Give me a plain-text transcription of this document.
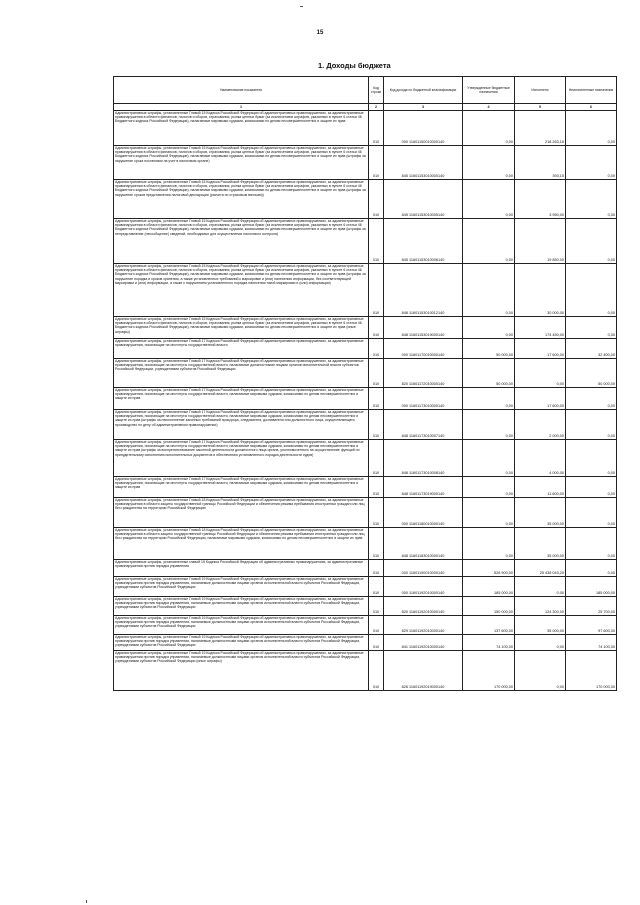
15
1. Доходы бюджета
Наименование показателя	Код строки	Код дохода по бюджетной классификации	Утвержденные бюджетные назначения	Исполнено	Неисполненные назначения
1	2	3	4	5	6
Административные штрафы, установленные Главой 15 Кодекса Российской Федерации об административных правонарушениях, за административные правонарушения в области финансов, налогов и сборов, страхования, рынка ценных бумаг (за исключением штрафов, указанных в пункте 6 статьи 46 Бюджетного кодекса Российской Федерации), налагаемые мировыми судьями, комиссиями по делам несовершеннолетних и защите их прав	010	000 11601150010000140	0,00	218 263,16	0,00
Административные штрафы, установленные Главой 15 Кодекса Российской Федерации об административных правонарушениях, за административные правонарушения в области финансов, налогов и сборов, страхования, рынка ценных бумаг (за исключением штрафов, указанных в пункте 6 статьи 46 Бюджетного кодекса Российской Федерации), налагаемые мировыми судьями, комиссиями по делам несовершеннолетних и защите их прав (штрафы за нарушение срока постановки на учет в налоговом органе)	010	845 11601153010000140	0,00	393,15	0,00
Административные штрафы, установленные Главой 15 Кодекса Российской Федерации об административных правонарушениях, за административные правонарушения в области финансов, налогов и сборов, страхования, рынка ценных бумаг (за исключением штрафов, указанных в пункте 6 статьи 46 Бюджетного кодекса Российской Федерации), налагаемые мировыми судьями, комиссиями по делам несовершеннолетних и защите их прав (штрафы за нарушение сроков представления налоговой декларации (расчета по страховым взносам))	010	845 11601153010005140	0,00	3 950,00	0,00
Административные штрафы, установленные Главой 15 Кодекса Российской Федерации об административных правонарушениях, за административные правонарушения в области финансов, налогов и сборов, страхования, рынка ценных бумаг (за исключением штрафов, указанных в пункте 6 статьи 46 Бюджетного кодекса Российской Федерации), налагаемые мировыми судьями, комиссиями по делам несовершеннолетних и защите их прав (штрафы за непредставление (несообщение) сведений, необходимых для осуществления налогового контроля)	010	845 11601153010006140	0,00	19 850,00	0,00
Административные штрафы, установленные Главой 15 Кодекса Российской Федерации об административных правонарушениях, за административные правонарушения в области финансов, налогов и сборов, страхования, рынка ценных бумаг (за исключением штрафов, указанных в пункте 6 статьи 46 Бюджетного кодекса Российской Федерации), налагаемые мировыми судьями, комиссиями по делам несовершеннолетних и защите их прав (штрафы за нарушение порядка и сроков хранения, а также установленных требований к маркировке и (или) нанесению информации, без соответствующей маркировки и (или) информации, а также с нарушением установленного порядка нанесения такой маркировки и (или) информации)	010	848 11601153010012140	0,00	30 000,00	0,00
Административные штрафы, установленные Главой 15 Кодекса Российской Федерации об административных правонарушениях, за административные правонарушения в области финансов, налогов и сборов, страхования, рынка ценных бумаг (за исключением штрафов, указанных в пункте 6 статьи 46 Бюджетного кодекса Российской Федерации), налагаемые мировыми судьями, комиссиями по делам несовершеннолетних и защите их прав (иные штрафы)	010	848 11601153019000140	0,00	174 450,00	0,00
Административные штрафы, установленные Главой 17 Кодекса Российской Федерации об административных правонарушениях, за административные правонарушения, посягающие на институты государственной власти	010	000 11601170010000140	50 000,00	17 600,00	32 400,00
Административные штрафы, установленные Главой 17 Кодекса Российской Федерации об административных правонарушениях, за административные правонарушения, посягающие на институты государственной власти, налагаемые должностными лицами органов исполнительной власти субъектов Российской Федерации, учреждениями субъектов Российской Федерации	010	820 11601172010000140	50 000,00	0,00	50 000,00
Административные штрафы, установленные Главой 17 Кодекса Российской Федерации об административных правонарушениях, за административные правонарушения, посягающие на институты государственной власти, налагаемые мировыми судьями, комиссиями по делам несовершеннолетних и защите их прав	010	000 11601173010000140	0,00	17 600,00	0,00
Административные штрафы, установленные Главой 17 Кодекса Российской Федерации об административных правонарушениях, за административные правонарушения, посягающие на институты государственной власти, налагаемые мировыми судьями, комиссиями по делам несовершеннолетних и защите их прав (штрафы за неисполнение законных требований прокурора, следователя, дознавателя или должностного лица, осуществляющего производство по делу об административном правонарушении)	010	848 11601173010007140	0,00	2 000,00	0,00
Административные штрафы, установленные Главой 17 Кодекса Российской Федерации об административных правонарушениях, за административные правонарушения, посягающие на институты государственной власти, налагаемые мировыми судьями, комиссиями по делам несовершеннолетних и защите их прав (штрафы за воспрепятствование законной деятельности должностного лица органа, уполномоченного на осуществление функций по принудительному исполнению исполнительных документов и обеспечению установленного порядка деятельности судов)	010	848 11601173010008140	0,00	4 000,00	0,00
Административные штрафы, установленные Главой 17 Кодекса Российской Федерации об административных правонарушениях, за административные правонарушения, посягающие на институты государственной власти, налагаемые мировыми судьями, комиссиями по делам несовершеннолетних и защите их прав	010	848 11601173019000140	0,00	11 600,00	0,00
Административные штрафы, установленные Главой 18 Кодекса Российской Федерации об административных правонарушениях, за административные правонарушения в области защиты государственной границы Российской Федерации и обеспечения режима пребывания иностранных граждан или лиц без гражданства на территории Российской Федерации	010	000 11601180010000140	0,00	35 000,00	0,00
Административные штрафы, установленные Главой 18 Кодекса Российской Федерации об административных правонарушениях, за административные правонарушения в области защиты государственной границы Российской Федерации и обеспечения режима пребывания иностранных граждан или лиц без гражданства на территории Российской Федерации, налагаемые мировыми судьями, комиссиями по делам несовершеннолетних и защите их прав	010	848 11601183010000140	0,00	35 000,00	0,00
Административные штрафы, установленные главой 19 Кодекса Российской Федерации об административных правонарушениях, за административные правонарушения против порядка управления	010	000 11601190010000140	526 900,00	25 438 043,20	0,00
Административные штрафы, установленные Главой 19 Кодекса Российской Федерации об административных правонарушениях, за административные правонарушения против порядка управления, налагаемые должностными лицами органов исполнительной власти субъектов Российской Федерации, учреждениями субъектов Российской Федерации	010	000 11601192010000140	185 000,00	0,00	185 000,00
Административные штрафы, установленные Главой 19 Кодекса Российской Федерации об административных правонарушениях, за административные правонарушения против порядка управления, налагаемые должностными лицами органов исполнительной власти субъектов Российской Федерации, учреждениями субъектов Российской Федерации	010	820 11601192010000140	150 000,00	124 300,00	25 700,00
Административные штрафы, установленные Главой 19 Кодекса Российской Федерации об административных правонарушениях, за административные правонарушения против порядка управления, налагаемые должностными лицами органов исполнительной власти субъектов Российской Федерации, учреждениями субъектов Российской Федерации	010	829 11601192010000140	137 600,00	35 000,00	97 600,00
Административные штрафы, установленные Главой 19 Кодекса Российской Федерации об административных правонарушениях, за административные правонарушения против порядка управления, налагаемые должностными лицами органов исполнительной власти субъектов Российской Федерации, учреждениями субъектов Российской Федерации	010	841 11601192010000140	74 100,00	0,00	74 100,00
Административные штрафы, установленные Главой 19 Кодекса Российской Федерации об административных правонарушениях, за административные правонарушения против порядка управления, налагаемые должностными лицами органов исполнительной власти субъектов Российской Федерации, учреждениями субъектов Российской Федерации (иные штрафы)	010	826 11601192019000140	170 000,00	0,00	170 000,00
